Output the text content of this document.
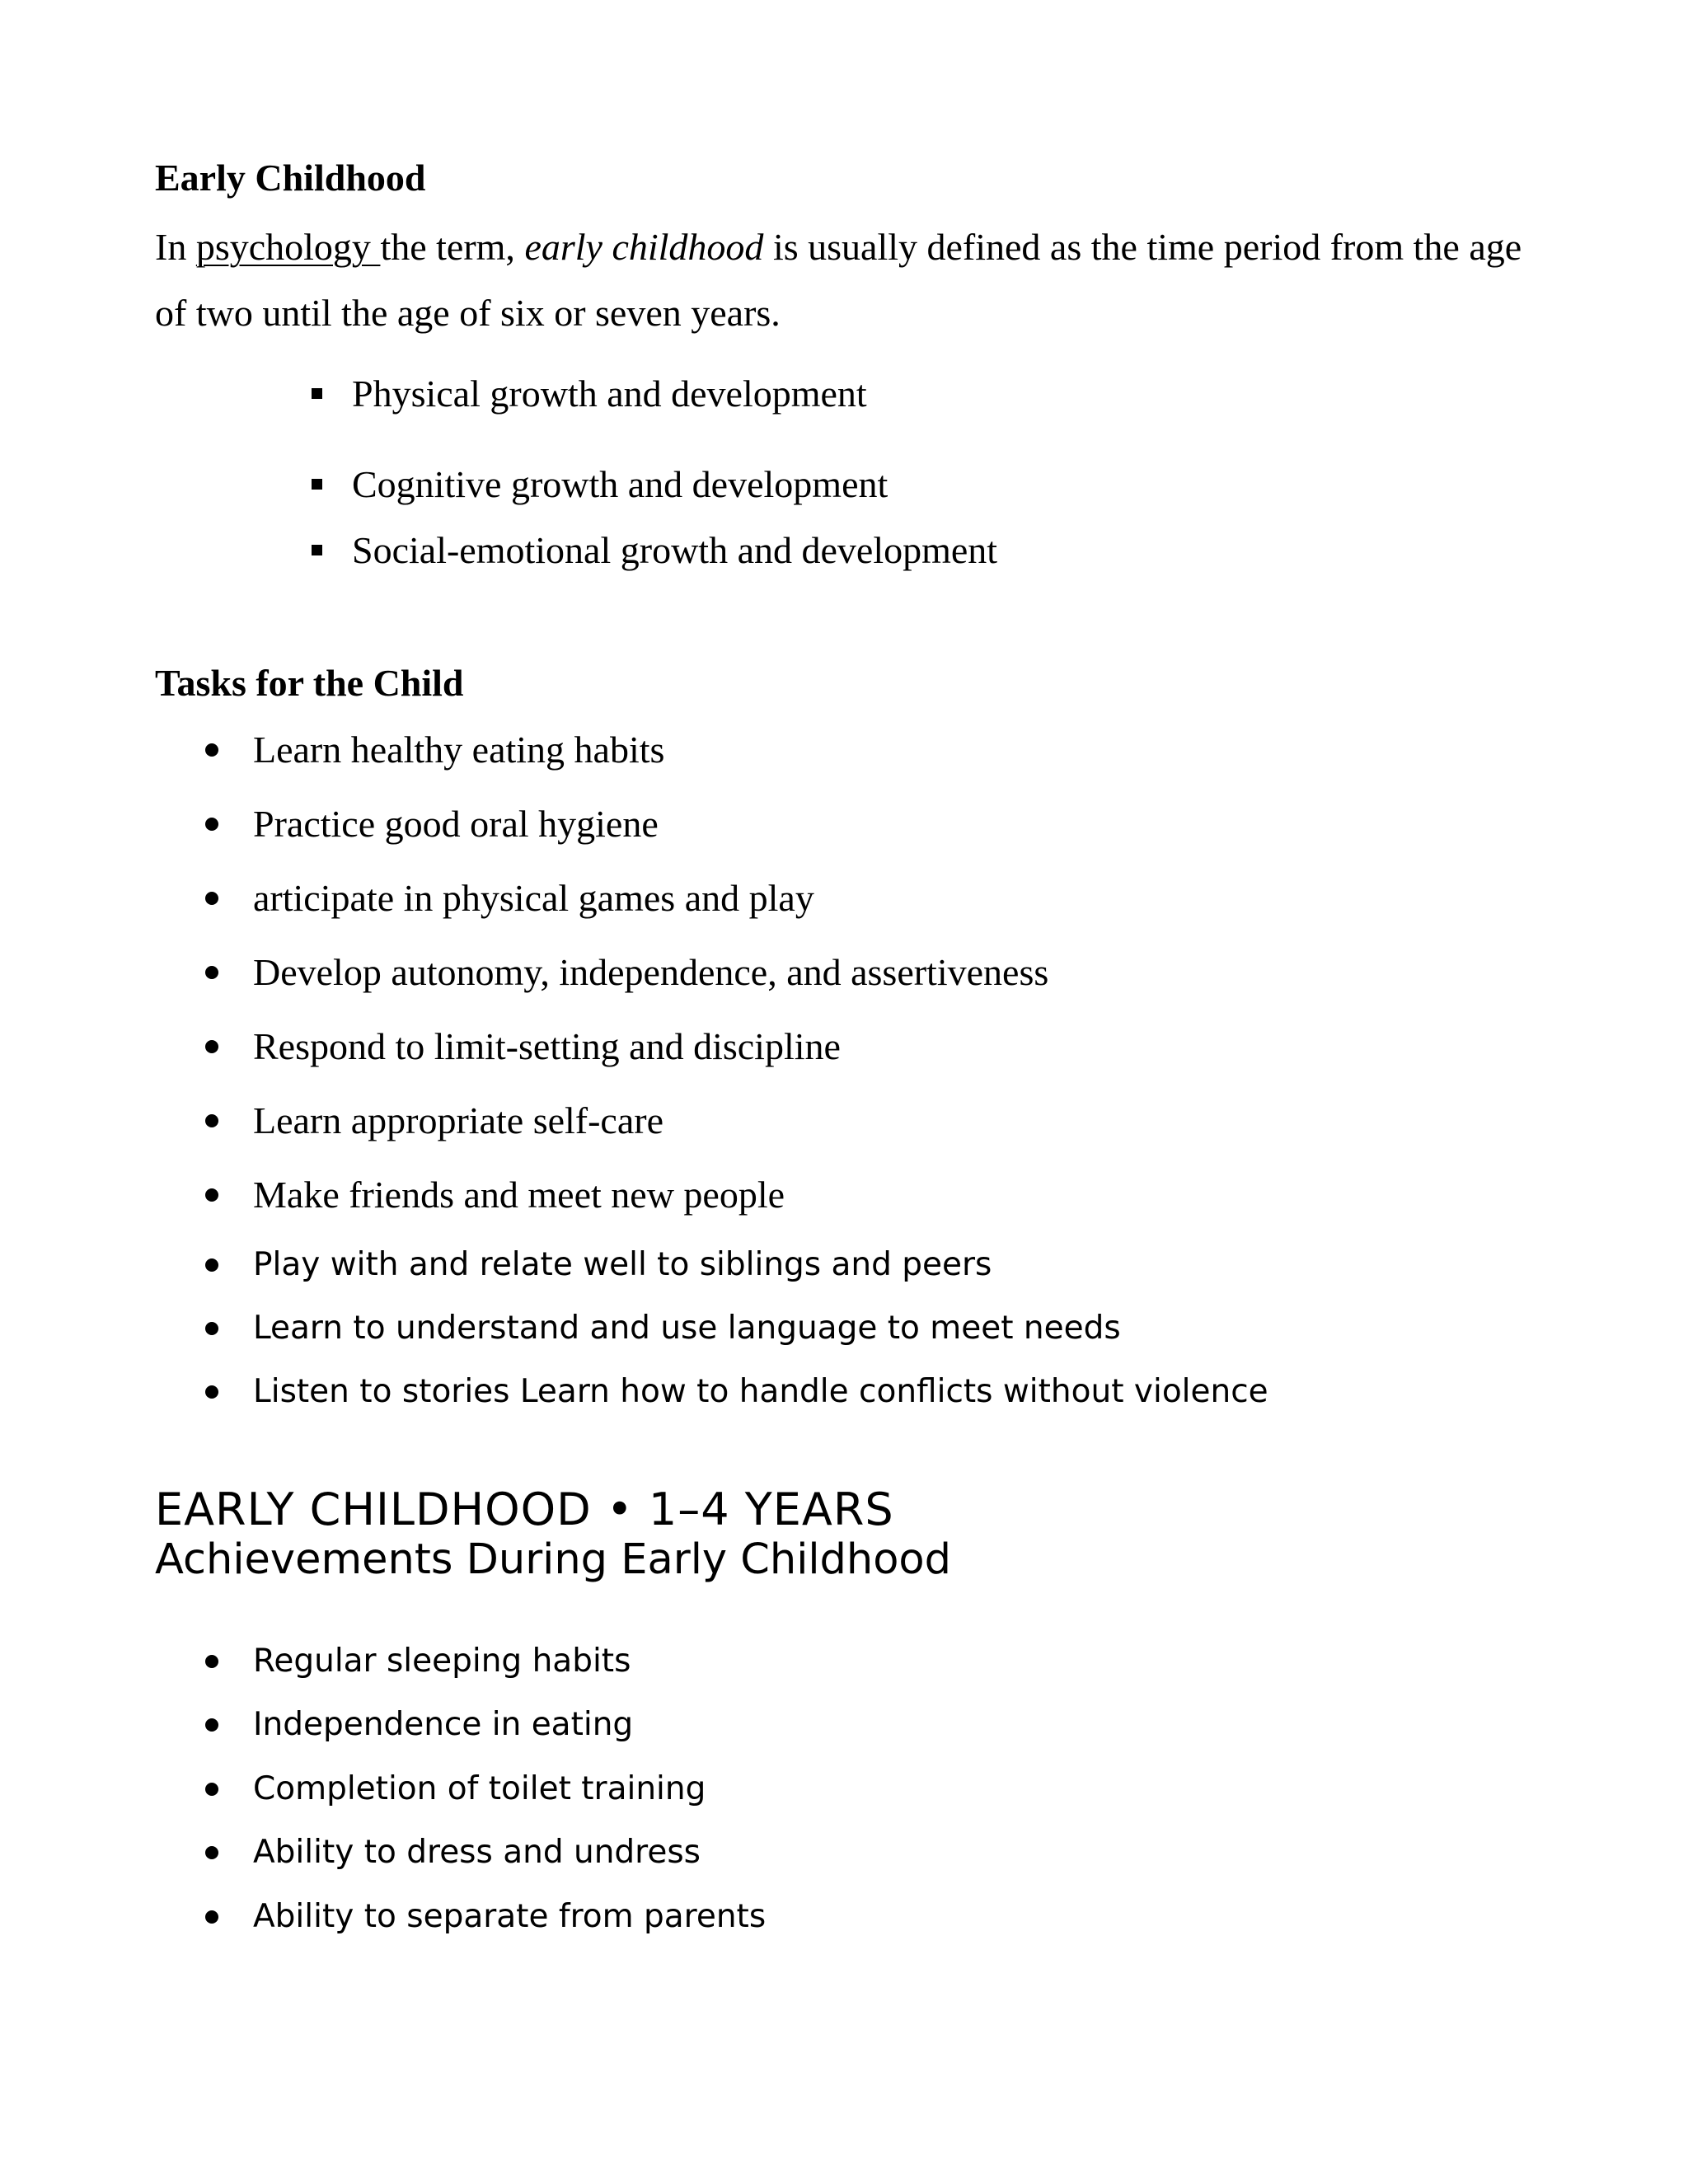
Early Childhood
In psychology the term, early childhood is usually defined as the time period from the age of two until the age of six or seven years.
Physical growth and development
Cognitive growth and development
Social-emotional growth and development
Tasks for the Child
Learn healthy eating habits
Practice good oral hygiene
articipate in physical games and play
Develop autonomy, independence, and assertiveness
Respond to limit-setting and discipline
Learn appropriate self-care
Make friends and meet new people
Play with and relate well to siblings and peers
Learn to understand and use language to meet needs
Listen to stories Learn how to handle conflicts without violence
EARLY CHILDHOOD • 1–4 YEARS
Achievements During Early Childhood
Regular sleeping habits
Independence in eating
Completion of toilet training
Ability to dress and undress
Ability to separate from parents
